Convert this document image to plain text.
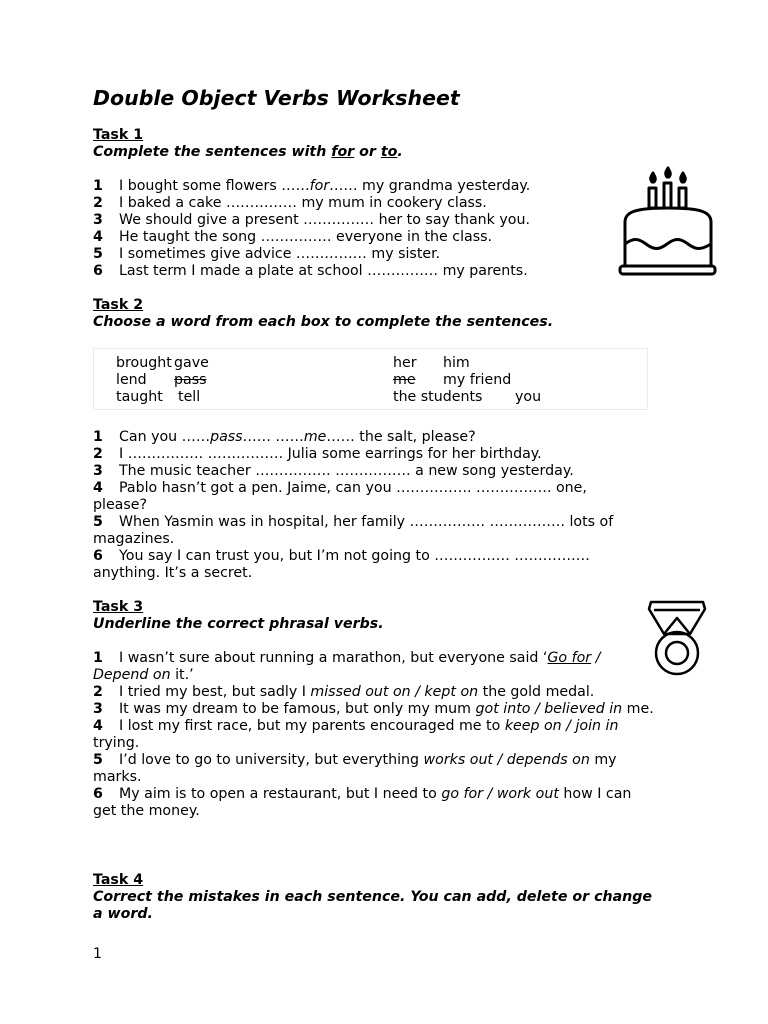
Double Object Verbs Worksheet
Task 1
Complete the sentences with for or to.
1 I bought some flowers ……for…… my grandma yesterday.
2 I baked a cake …………… my mum in cookery class.
3 We should give a present …………… her to say thank you.
4 He taught the song …………… everyone in the class.
5 I sometimes give advice …………… my sister.
6 Last term I made a plate at school …………… my parents.
Task 2
Choose a word from each box to complete the sentences.
brought gave
lend pass
taught tell
her him
me my friend
the students you
1 Can you ……pass…… ……me…… the salt, please?
2 I ……………. ……………. Julia some earrings for her birthday.
3 The music teacher ……………. ……………. a new song yesterday.
4 Pablo hasn’t got a pen. Jaime, can you ……………. ……………. one, please?
5 When Yasmin was in hospital, her family ……………. ……………. lots of magazines.
6 You say I can trust you, but I’m not going to ……………. ……………. anything. It’s a secret.
Task 3
Underline the correct phrasal verbs.
1 I wasn’t sure about running a marathon, but everyone said ‘Go for / Depend on it.’
2 I tried my best, but sadly I missed out on / kept on the gold medal.
3 It was my dream to be famous, but only my mum got into / believed in me.
4 I lost my first race, but my parents encouraged me to keep on / join in trying.
5 I’d love to go to university, but everything works out / depends on my marks.
6 My aim is to open a restaurant, but I need to go for / work out how I can get the money.
Task 4
Correct the mistakes in each sentence. You can add, delete or change a word.
1
